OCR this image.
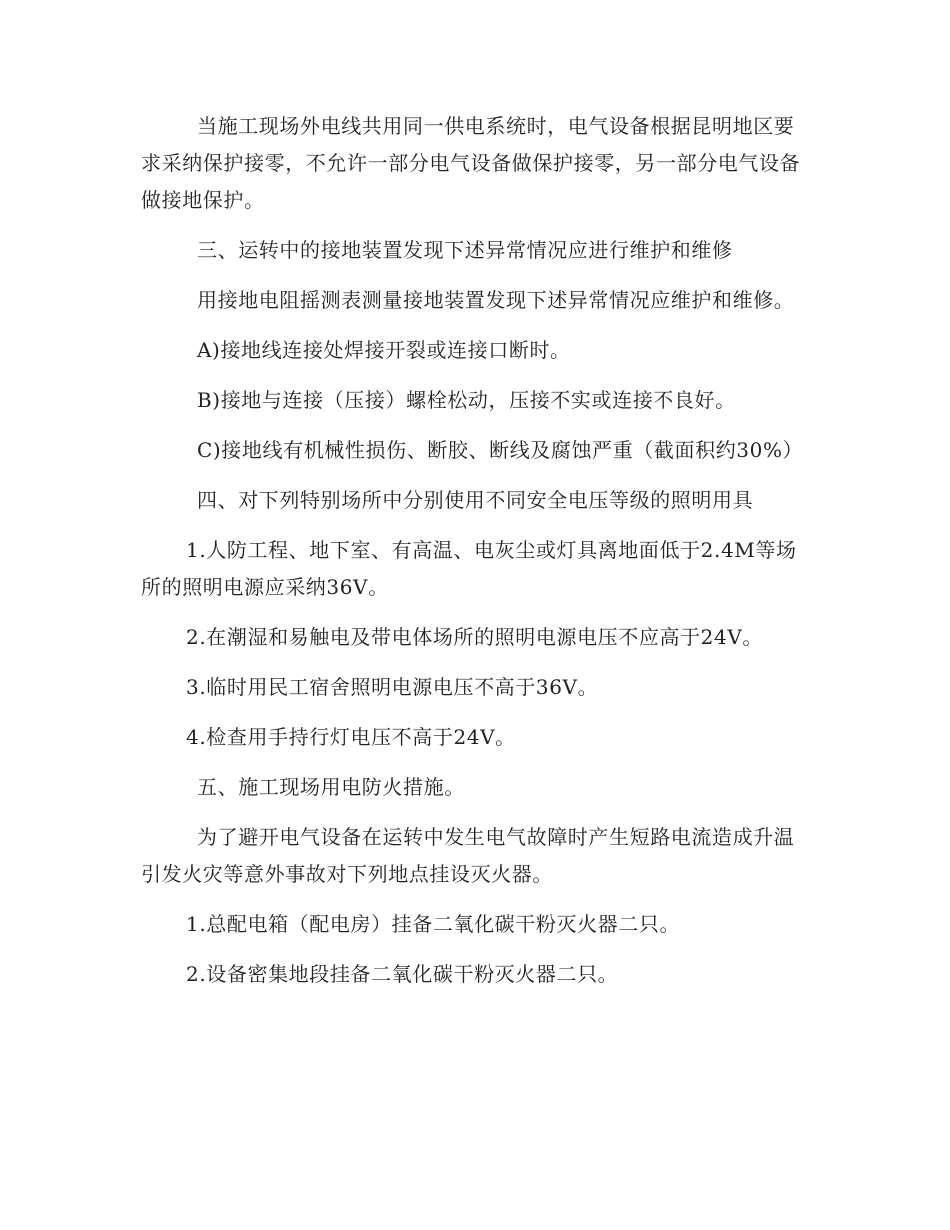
当施工现场外电线共用同一供电系统时，电气设备根据昆明地区要求采纳保护接零，不允许一部分电气设备做保护接零，另一部分电气设备做接地保护。

三、运转中的接地装置发现下述异常情况应进行维护和维修

用接地电阻摇测表测量接地装置发现下述异常情况应维护和维修。

A)接地线连接处焊接开裂或连接口断时。

B)接地与连接（压接）螺栓松动，压接不实或连接不良好。

C)接地线有机械性损伤、断胶、断线及腐蚀严重（截面积约30%）

四、对下列特别场所中分别使用不同安全电压等级的照明用具

1.人防工程、地下室、有高温、电灰尘或灯具离地面低于2.4M等场所的照明电源应采纳36V。

2.在潮湿和易触电及带电体场所的照明电源电压不应高于24V。

3.临时用民工宿舍照明电源电压不高于36V。

4.检查用手持行灯电压不高于24V。

五、施工现场用电防火措施。

为了避开电气设备在运转中发生电气故障时产生短路电流造成升温引发火灾等意外事故对下列地点挂设灭火器。

1.总配电箱（配电房）挂备二氧化碳干粉灭火器二只。

2.设备密集地段挂备二氧化碳干粉灭火器二只。
